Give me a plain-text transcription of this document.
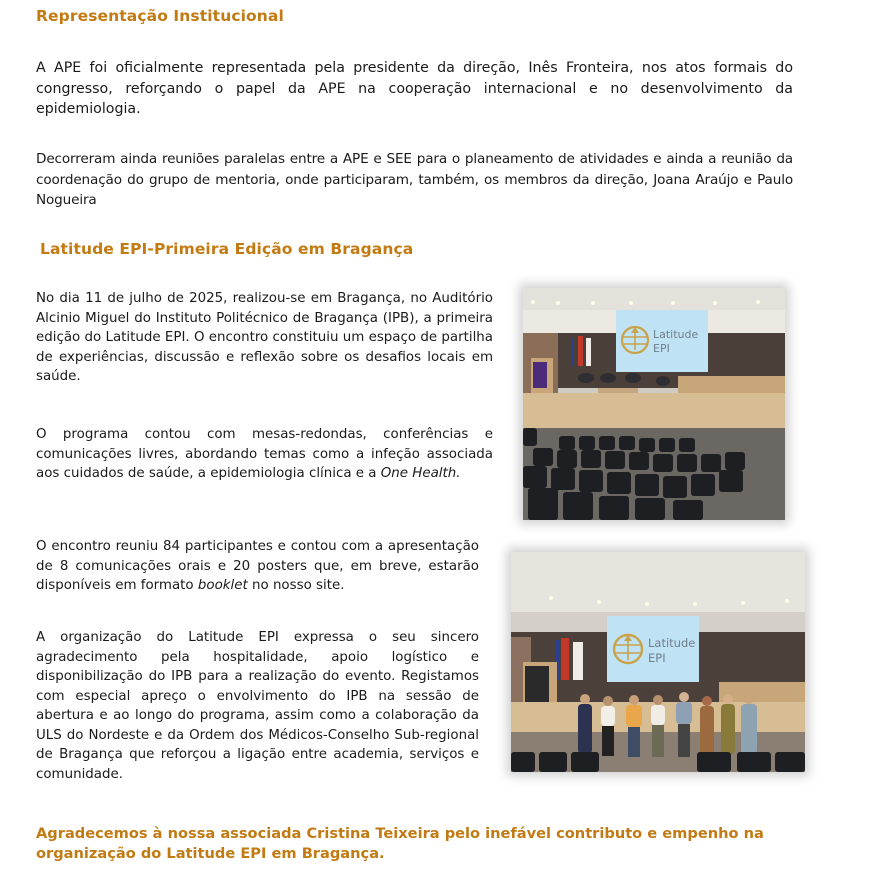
Representação Institucional
A APE foi oficialmente representada pela presidente da direção, Inês Fronteira, nos atos formais do congresso, reforçando o papel da APE na cooperação internacional e no desenvolvimento da epidemiologia.
Decorreram ainda reuniões paralelas entre a APE e SEE para o planeamento de atividades e ainda a reunião da coordenação do grupo de mentoria, onde participaram, também, os membros da direção, Joana Araújo e Paulo Nogueira
Latitude EPI-Primeira Edição em Bragança
No dia 11 de julho de 2025, realizou-se em Bragança, no Auditório Alcinio Miguel do Instituto Politécnico de Bragança (IPB), a primeira edição do Latitude EPI. O encontro constituiu um espaço de partilha de experiências, discussão e reflexão sobre os desafios locais em saúde.
O programa contou com mesas-redondas, conferências e comunicações livres, abordando temas como a infeção associada aos cuidados de saúde, a epidemiologia clínica e a One Health.
O encontro reuniu 84 participantes e contou com a apresentação de 8 comunicações orais e 20 posters que, em breve, estarão disponíveis em formato booklet no nosso site.
A organização do Latitude EPI expressa o seu sincero agradecimento pela hospitalidade, apoio logístico e disponibilização do IPB para a realização do evento. Registamos com especial apreço o envolvimento do IPB na sessão de abertura e ao longo do programa, assim como a colaboração da ULS do Nordeste e da Ordem dos Médicos-Conselho Sub-regional de Bragança que reforçou a ligação entre academia, serviços e comunidade.
Agradecemos à nossa associada Cristina Teixeira pelo inefável contributo e empenho na organização do Latitude EPI em Bragança.
Latitude
EPI
Latitude
EPI
